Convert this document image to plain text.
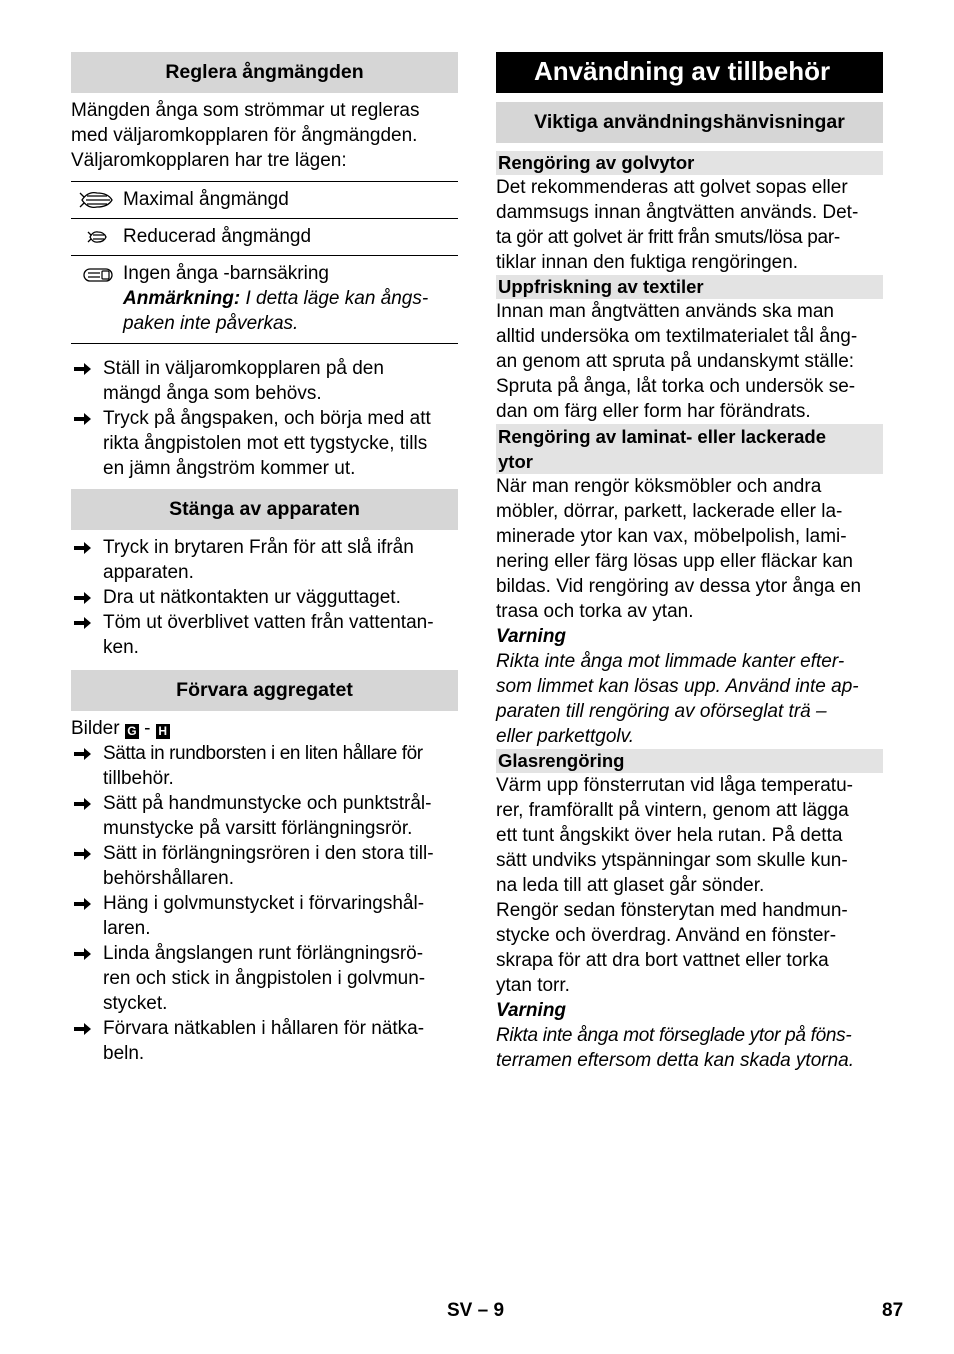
Reglera ångmängden
Mängden ånga som strömmar ut regleras
med väljaromkopplaren för ångmängden.
Väljaromkopplaren har tre lägen:
Maximal ångmängd
Reducerad ångmängd
Ingen ånga -barnsäkring
Anmärkning: I detta läge kan ångs-
paken inte påverkas.
Ställ in väljaromkopplaren på den
mängd ånga som behövs.
Tryck på ångspaken, och börja med att
rikta ångpistolen mot ett tygstycke, tills
en jämn ångström kommer ut.
Stänga av apparaten
Tryck in brytaren Från för att slå ifrån
apparaten.
Dra ut nätkontakten ur vägguttaget.
Töm ut överblivet vatten från vattentan-
ken.
Förvara aggregatet
Bilder G - H
Sätta in rundborsten i en liten hållare för
tillbehör.
Sätt på handmunstycke och punktstrål-
munstycke på varsitt förlängningsrör.
Sätt in förlängningsrören i den stora till-
behörshållaren.
Häng i golvmunstycket i förvaringshål-
laren.
Linda ångslangen runt förlängningsrö-
ren och stick in ångpistolen i golvmun-
stycket.
Förvara nätkablen i hållaren för nätka-
beln.
Användning av tillbehör
Viktiga användningshänvisningar
Rengöring av golvytor
Det rekommenderas att golvet sopas eller
dammsugs innan ångtvätten används. Det-
ta gör att golvet är fritt från smuts/lösa par-
tiklar innan den fuktiga rengöringen.
Uppfriskning av textiler
Innan man ångtvätten används ska man
alltid undersöka om textilmaterialet tål ång-
an genom att spruta på undanskymt ställe:
Spruta på ånga, låt torka och undersök se-
dan om färg eller form har förändrats.
Rengöring av laminat- eller lackerade
ytor
När man rengör köksmöbler och andra
möbler, dörrar, parkett, lackerade eller la-
minerade ytor kan vax, möbelpolish, lami-
nering eller färg lösas upp eller fläckar kan
bildas. Vid rengöring av dessa ytor ånga en
trasa och torka av ytan.
Varning
Rikta inte ånga mot limmade kanter efter-
som limmet kan lösas upp. Använd inte ap-
paraten till rengöring av oförseglat trä –
eller parkettgolv.
Glasrengöring
Värm upp fönsterrutan vid låga temperatu-
rer, framförallt på vintern, genom att lägga
ett tunt ångskikt över hela rutan. På detta
sätt undviks ytspänningar som skulle kun-
na leda till att glaset går sönder.
Rengör sedan fönsterytan med handmun-
stycke och överdrag. Använd en fönster-
skrapa för att dra bort vattnet eller torka
ytan torr.
Varning
Rikta inte ånga mot förseglade ytor på föns-
terramen eftersom detta kan skada ytorna.
SV – 9	87
